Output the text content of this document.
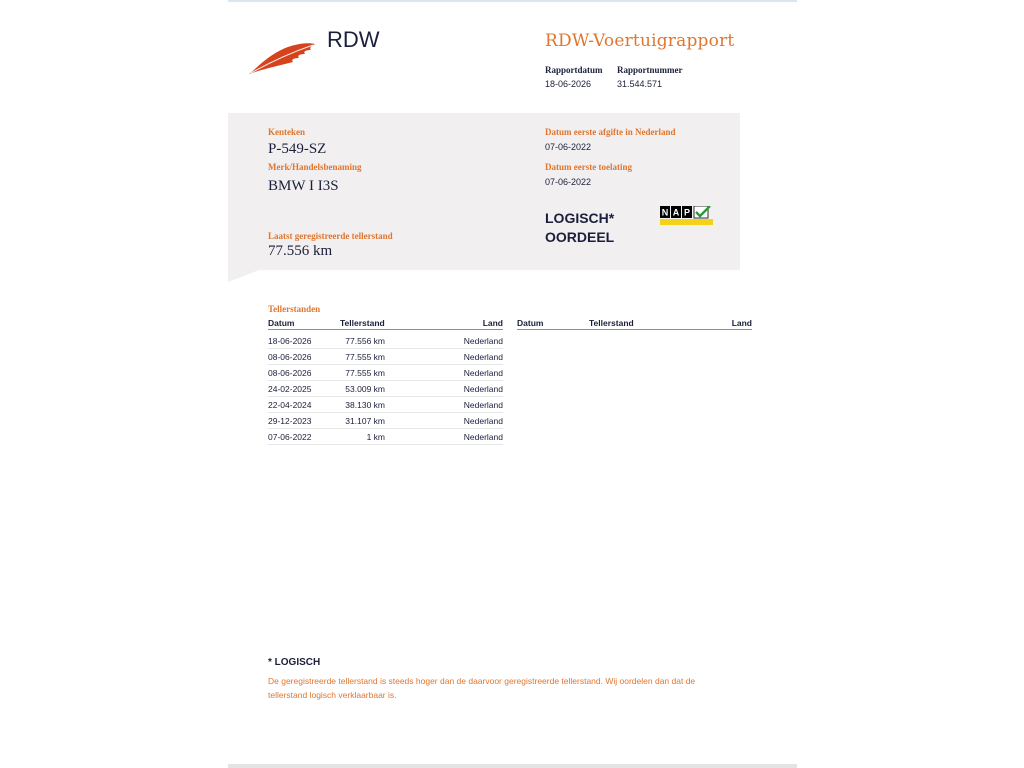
RDW	RDW-Voertuigrapport
Rapportdatum
18-06-2026
Rapportnummer
31.544.571
Kenteken
P-549-SZ
Merk/Handelsbenaming
BMW I I3S
Laatst geregistreerde tellerstand
77.556 km
Datum eerste afgifte in Nederland
07-06-2022
Datum eerste toelating
07-06-2022
LOGISCH*
OORDEEL
N A P
Tellerstanden
Datum	Tellerstand	Land Datum	Tellerstand	Land
18-06-2026	77.556 km	Nederland
08-06-2026	77.555 km	Nederland
08-06-2026	77.555 km	Nederland
24-02-2025	53.009 km	Nederland
22-04-2024	38.130 km	Nederland
29-12-2023	31.107 km	Nederland
07-06-2022	1 km	Nederland
* LOGISCH
De geregistreerde tellerstand is steeds hoger dan de daarvoor geregistreerde tellerstand. Wij oordelen dan dat de tellerstand logisch verklaarbaar is.
